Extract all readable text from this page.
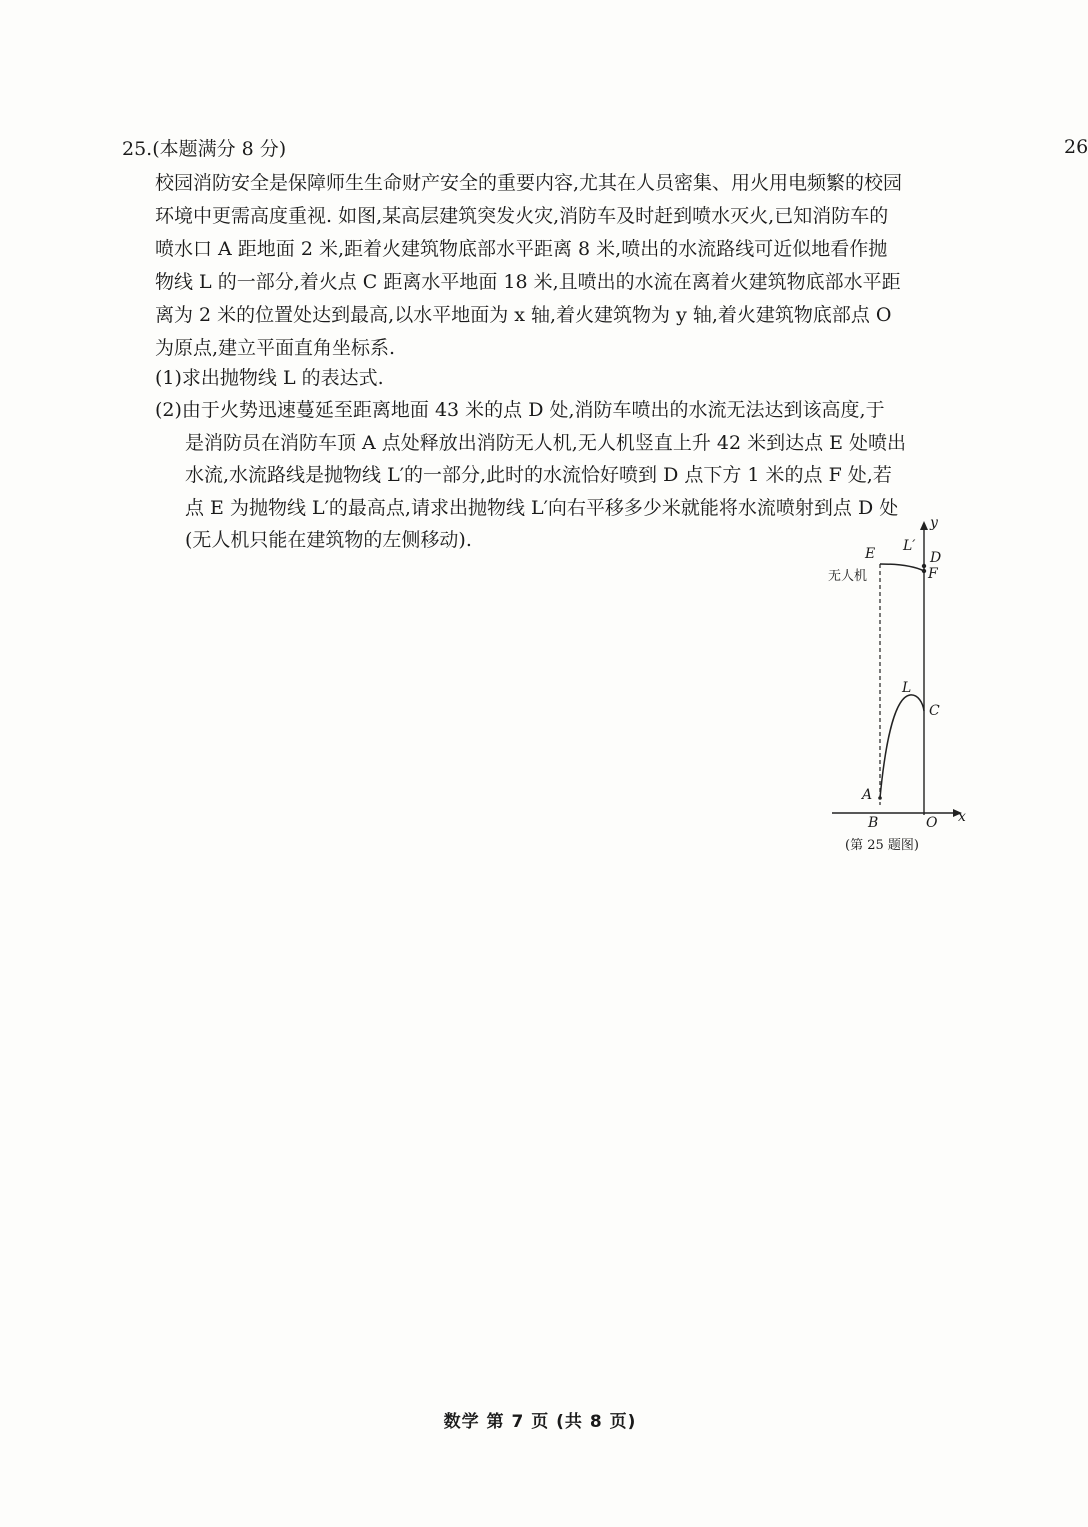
25.(本题满分 8 分)	26
校园消防安全是保障师生生命财产安全的重要内容,尤其在人员密集、用火用电频繁的校园
环境中更需高度重视. 如图,某高层建筑突发火灾,消防车及时赶到喷水灭火,已知消防车的
喷水口 A 距地面 2 米,距着火建筑物底部水平距离 8 米,喷出的水流路线可近似地看作抛
物线 L 的一部分,着火点 C 距离水平地面 18 米,且喷出的水流在离着火建筑物底部水平距
离为 2 米的位置处达到最高,以水平地面为 x 轴,着火建筑物为 y 轴,着火建筑物底部点 O
为原点,建立平面直角坐标系.
(1)求出抛物线 L 的表达式.
(2)由于火势迅速蔓延至距离地面 43 米的点 D 处,消防车喷出的水流无法达到该高度,于
是消防员在消防车顶 A 点处释放出消防无人机,无人机竖直上升 42 米到达点 E 处喷出
水流,水流路线是抛物线 L′的一部分,此时的水流恰好喷到 D 点下方 1 米的点 F 处,若
点 E 为抛物线 L′的最高点,请求出抛物线 L′向右平移多少米就能将水流喷射到点 D 处
(无人机只能在建筑物的左侧移动).
y
x
E L′
D
F
无人机
L
C
A
B	O
(第 25 题图)
数学 第 7 页 (共 8 页)
